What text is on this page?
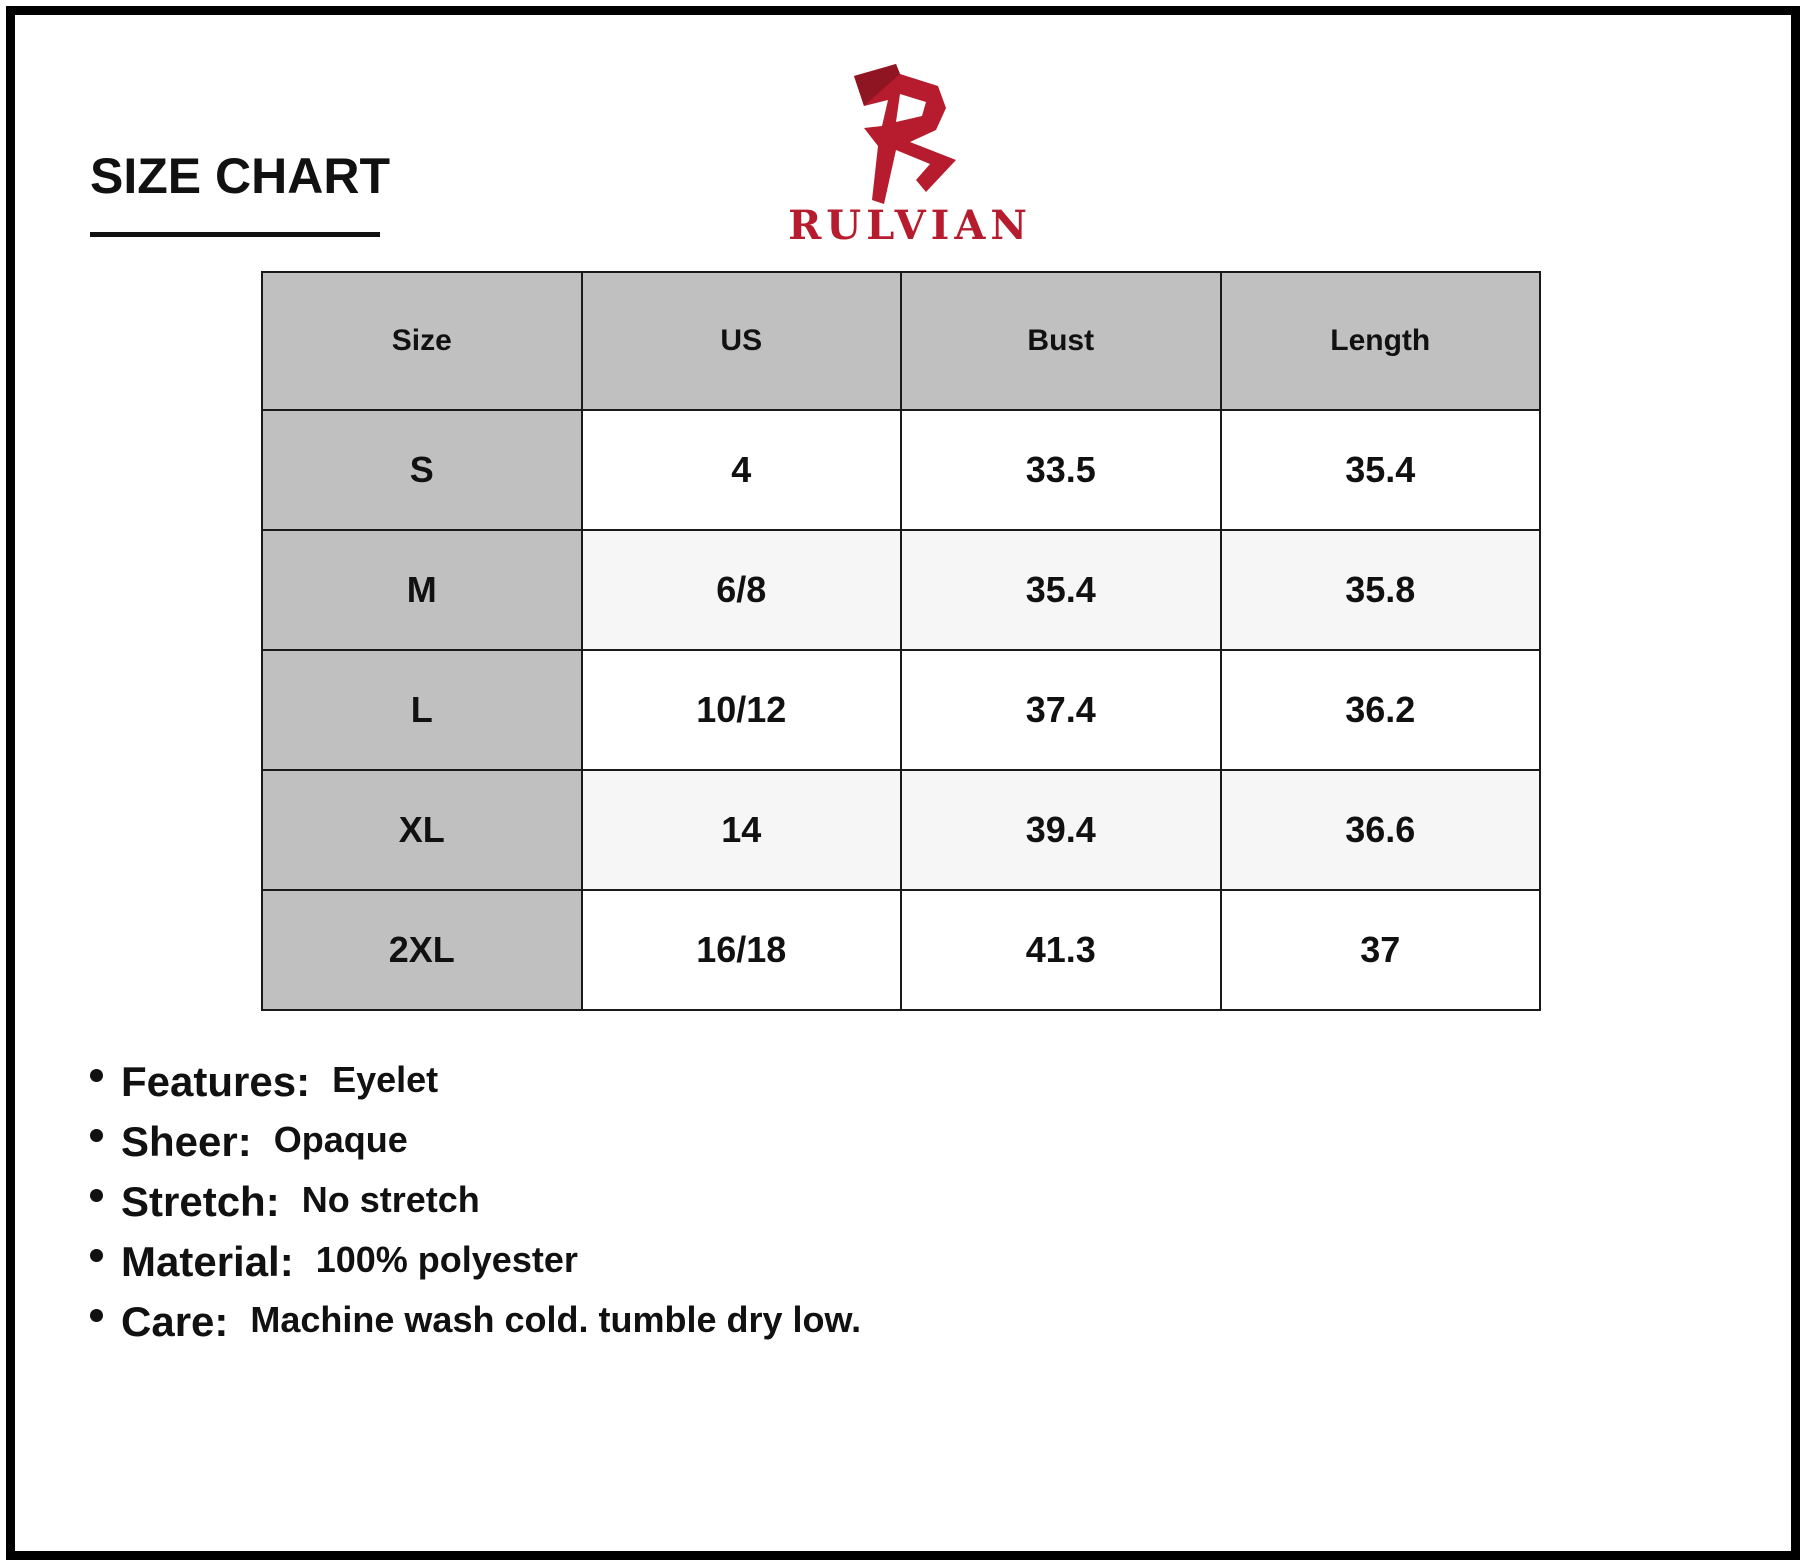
SIZE CHART
RULVIAN
Size	US	Bust	Length
S	4	33.5	35.4
M	6/8	35.4	35.8
L	10/12	37.4	36.2
XL	14	39.4	36.6
2XL	16/18	41.3	37
Features: Eyelet
Sheer: Opaque
Stretch: No stretch
Material: 100% polyester
Care: Machine wash cold. tumble dry low.
